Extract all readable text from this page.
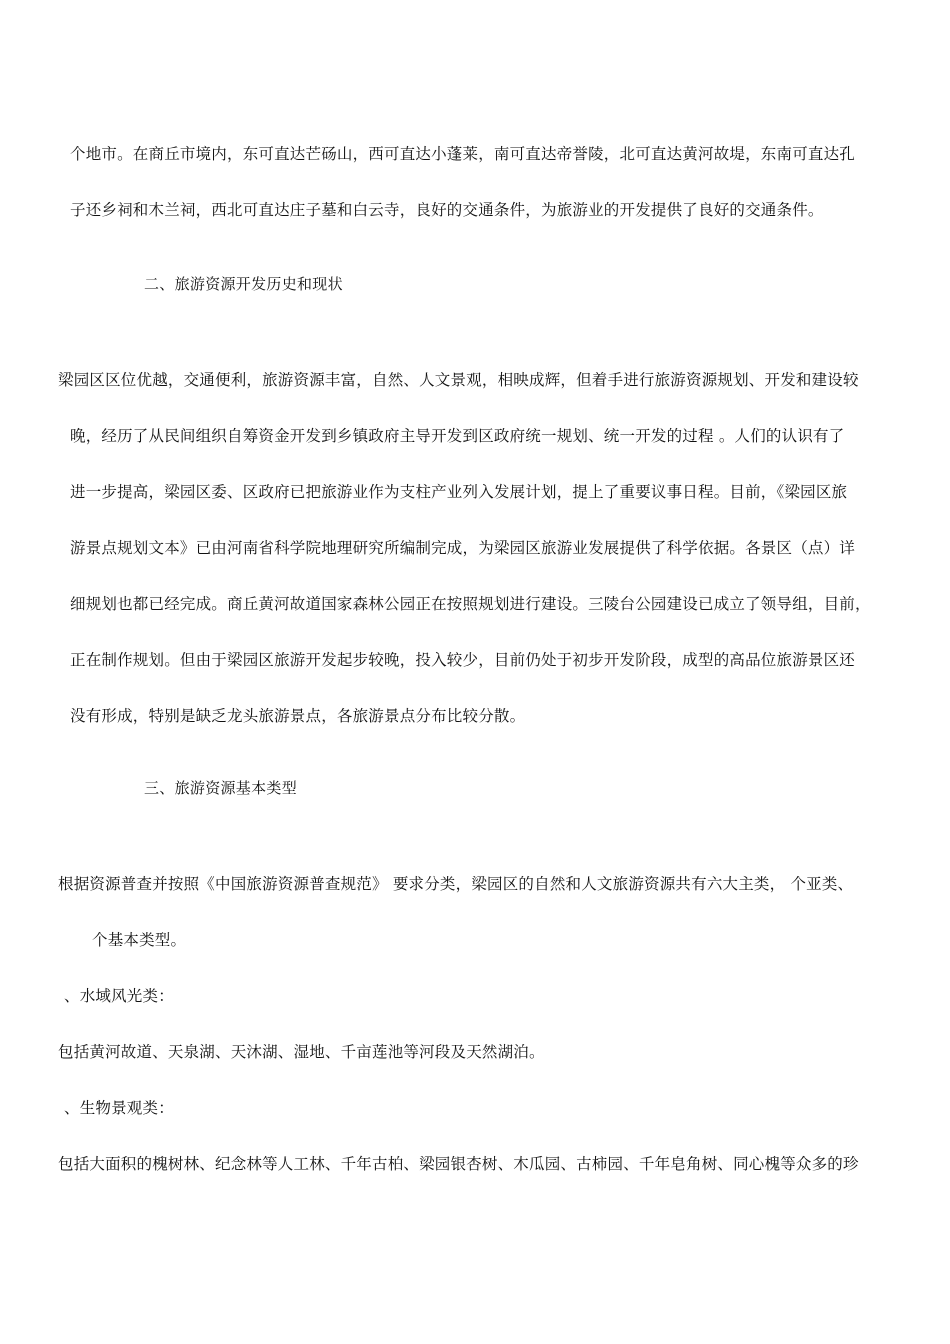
个地市。在商丘市境内，东可直达芒砀山，西可直达小蓬莱，南可直达帝誉陵，北可直达黄河故堤，东南可直达孔
子还乡祠和木兰祠，西北可直达庄子墓和白云寺，良好的交通条件，为旅游业的开发提供了良好的交通条件。
二、旅游资源开发历史和现状
梁园区区位优越，交通便利，旅游资源丰富，自然、人文景观，相映成辉，但着手进行旅游资源规划、开发和建设较
晚，经历了从民间组织自筹资金开发到乡镇政府主导开发到区政府统一规划、统一开发的过程 。人们的认识有了
进一步提高，梁园区委、区政府已把旅游业作为支柱产业列入发展计划，提上了重要议事日程。目前，《梁园区旅
游景点规划文本》已由河南省科学院地理研究所编制完成，为梁园区旅游业发展提供了科学依据。各景区（点）详
细规划也都已经完成。商丘黄河故道国家森林公园正在按照规划进行建设。三陵台公园建设已成立了领导组，目前，
正在制作规划。但由于梁园区旅游开发起步较晚，投入较少，目前仍处于初步开发阶段，成型的高品位旅游景区还
没有形成，特别是缺乏龙头旅游景点，各旅游景点分布比较分散。
三、旅游资源基本类型
根据资源普查并按照《中国旅游资源普查规范》 要求分类，梁园区的自然和人文旅游资源共有六大主类， 个亚类、
个基本类型。
、水域风光类：
包括黄河故道、天泉湖、天沐湖、湿地、千亩莲池等河段及天然湖泊。
、生物景观类：
包括大面积的槐树林、纪念林等人工林、千年古柏、梁园银杏树、木瓜园、古柿园、千年皂角树、同心槐等众多的珍
